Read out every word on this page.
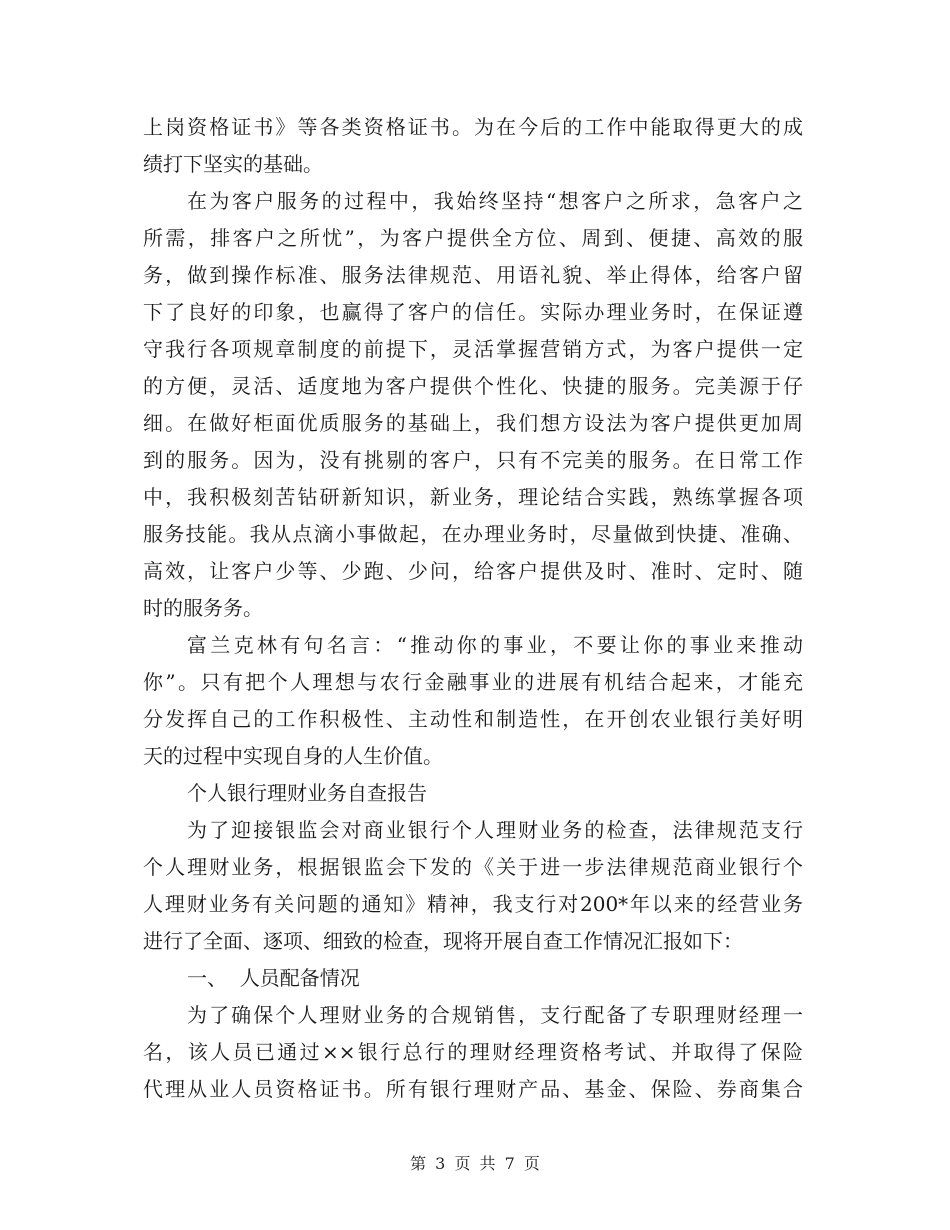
上岗资格证书》等各类资格证书。为在今后的工作中能取得更大的成
绩打下坚实的基础。
在为客户服务的过程中，我始终坚持“想客户之所求，急客户之
所需，排客户之所忧”，为客户提供全方位、周到、便捷、高效的服
务，做到操作标准、服务法律规范、用语礼貌、举止得体，给客户留
下了良好的印象，也赢得了客户的信任。实际办理业务时，在保证遵
守我行各项规章制度的前提下，灵活掌握营销方式，为客户提供一定
的方便，灵活、适度地为客户提供个性化、快捷的服务。完美源于仔
细。在做好柜面优质服务的基础上，我们想方设法为客户提供更加周
到的服务。因为，没有挑剔的客户，只有不完美的服务。在日常工作
中，我积极刻苦钻研新知识，新业务，理论结合实践，熟练掌握各项
服务技能。我从点滴小事做起，在办理业务时，尽量做到快捷、准确、
高效，让客户少等、少跑、少问，给客户提供及时、准时、定时、随
时的服务务。
富兰克林有句名言：“推动你的事业，不要让你的事业来推动
你”。只有把个人理想与农行金融事业的进展有机结合起来，才能充
分发挥自己的工作积极性、主动性和制造性，在开创农业银行美好明
天的过程中实现自身的人生价值。
个人银行理财业务自查报告
为了迎接银监会对商业银行个人理财业务的检查，法律规范支行
个人理财业务，根据银监会下发的《关于进一步法律规范商业银行个
人理财业务有关问题的通知》精神，我支行对200*年以来的经营业务
进行了全面、逐项、细致的检查，现将开展自查工作情况汇报如下：
一、  人员配备情况
为了确保个人理财业务的合规销售，支行配备了专职理财经理一
名，该人员已通过××银行总行的理财经理资格考试、并取得了保险
代理从业人员资格证书。所有银行理财产品、基金、保险、券商集合
第 3 页 共 7 页
